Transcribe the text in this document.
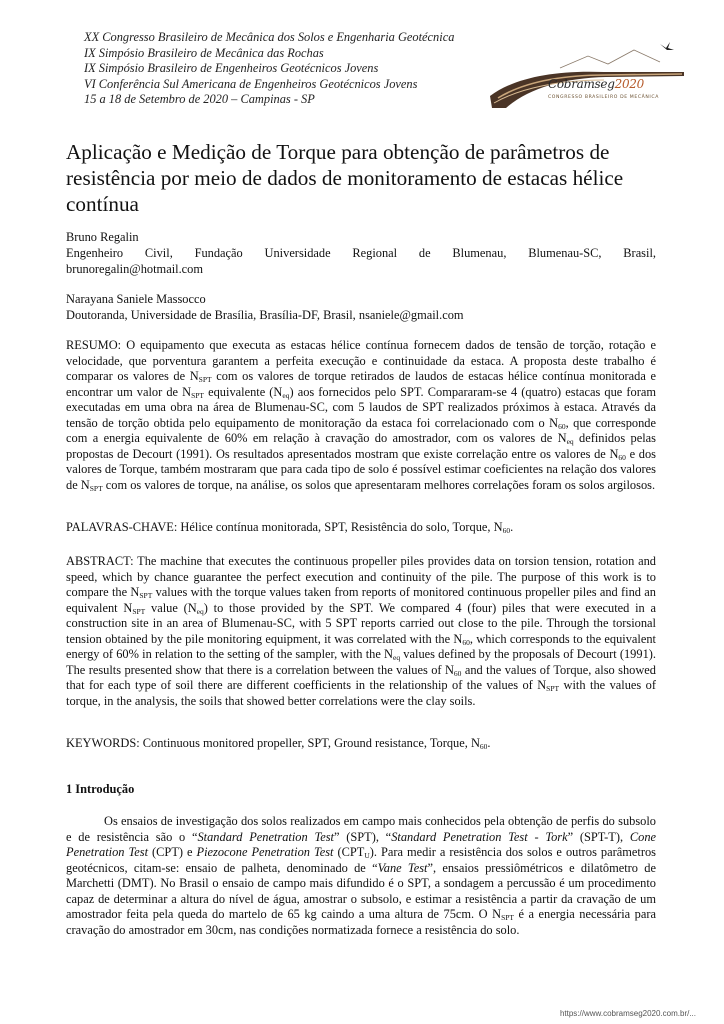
XX Congresso Brasileiro de Mecânica dos Solos e Engenharia Geotécnica
IX Simpósio Brasileiro de Mecânica das Rochas
IX Simpósio Brasileiro de Engenheiros Geotécnicos Jovens
VI Conferência Sul Americana de Engenheiros Geotécnicos Jovens
15 a 18 de Setembro de 2020 – Campinas - SP
Cobramseg2020
CONGRESSO BRASILEIRO DE MECÂNICA
Aplicação e Medição de Torque para obtenção de parâmetros de resistência por meio de dados de monitoramento de estacas hélice contínua
Bruno Regalin
Engenheiro Civil, Fundação Universidade Regional de Blumenau, Blumenau-SC, Brasil,
brunoregalin@hotmail.com
Narayana Saniele Massocco
Doutoranda, Universidade de Brasília, Brasília-DF, Brasil, nsaniele@gmail.com

RESUMO: O equipamento que executa as estacas hélice contínua fornecem dados de tensão de torção, rotação e velocidade, que porventura garantem a perfeita execução e continuidade da estaca. A proposta deste trabalho é comparar os valores de $N_{SPT}$ com os valores de torque retirados de laudos de estacas hélice contínua monitorada e encontrar um valor de $N_{SPT}$ equivalente $(N_{eq})$ aos fornecidos pelo SPT. Compararam-se 4 (quatro) estacas que foram executadas em uma obra na área de Blumenau-SC, com 5 laudos de SPT realizados próximos à estaca. Através da tensão de torção obtida pelo equipamento de monitoração da estaca foi correlacionado com o $N_{60}$, que corresponde com a energia equivalente de 60% em relação à cravação do amostrador, com os valores de $N_{eq}$ definidos pelas propostas de Decourt (1991). Os resultados apresentados mostram que existe correlação entre os valores de $N_{60}$ e dos valores de Torque, também mostraram que para cada tipo de solo é possível estimar coeficientes na relação dos valores de $N_{SPT}$ com os valores de torque, na análise, os solos que apresentaram melhores correlações foram os solos argilosos.

PALAVRAS-CHAVE: Hélice contínua monitorada, SPT, Resistência do solo, Torque, $N_{60}$.

ABSTRACT: The machine that executes the continuous propeller piles provides data on torsion tension, rotation and speed, which by chance guarantee the perfect execution and continuity of the pile. The purpose of this work is to compare the $N_{SPT}$ values with the torque values taken from reports of monitored continuous propeller piles and find an equivalent $N_{SPT}$ value $(N_{eq})$ to those provided by the SPT. We compared 4 (four) piles that were executed in a construction site in an area of Blumenau-SC, with 5 SPT reports carried out close to the pile. Through the torsional tension obtained by the pile monitoring equipment, it was correlated with the $N_{60}$, which corresponds to the equivalent energy of 60% in relation to the setting of the sampler, with the $N_{eq}$ values defined by the proposals of Decourt (1991). The results presented show that there is a correlation between the values of $N_{60}$ and the values of Torque, also showed that for each type of soil there are different coefficients in the relationship of the values of $N_{SPT}$ with the values of torque, in the analysis, the soils that showed better correlations were the clay soils.

KEYWORDS: Continuous monitored propeller, SPT, Ground resistance, Torque, $N_{60}$.

1 Introdução

Os ensaios de investigação dos solos realizados em campo mais conhecidos pela obtenção de perfis do subsolo e de resistência são o “Standard Penetration Test” (SPT), “Standard Penetration Test - Tork” (SPT-T), Cone Penetration Test (CPT) e Piezocone Penetration Test $(CPT_U)$. Para medir a resistência dos solos e outros parâmetros geotécnicos, citam-se: ensaio de palheta, denominado de “Vane Test”, ensaios pressiômétricos e dilatômetro de Marchetti (DMT). No Brasil o ensaio de campo mais difundido é o SPT, a sondagem a percussão é um procedimento capaz de determinar a altura do nível de água, amostrar o subsolo, e estimar a resistência a partir da cravação de um amostrador feita pela queda do martelo de 65 kg caindo a uma altura de 75cm. O $N_{SPT}$ é a energia necessária para cravação do amostrador em 30cm, nas condições normatizada fornece a resistência do solo.

https://www.cobramseg2020.com.br/...
